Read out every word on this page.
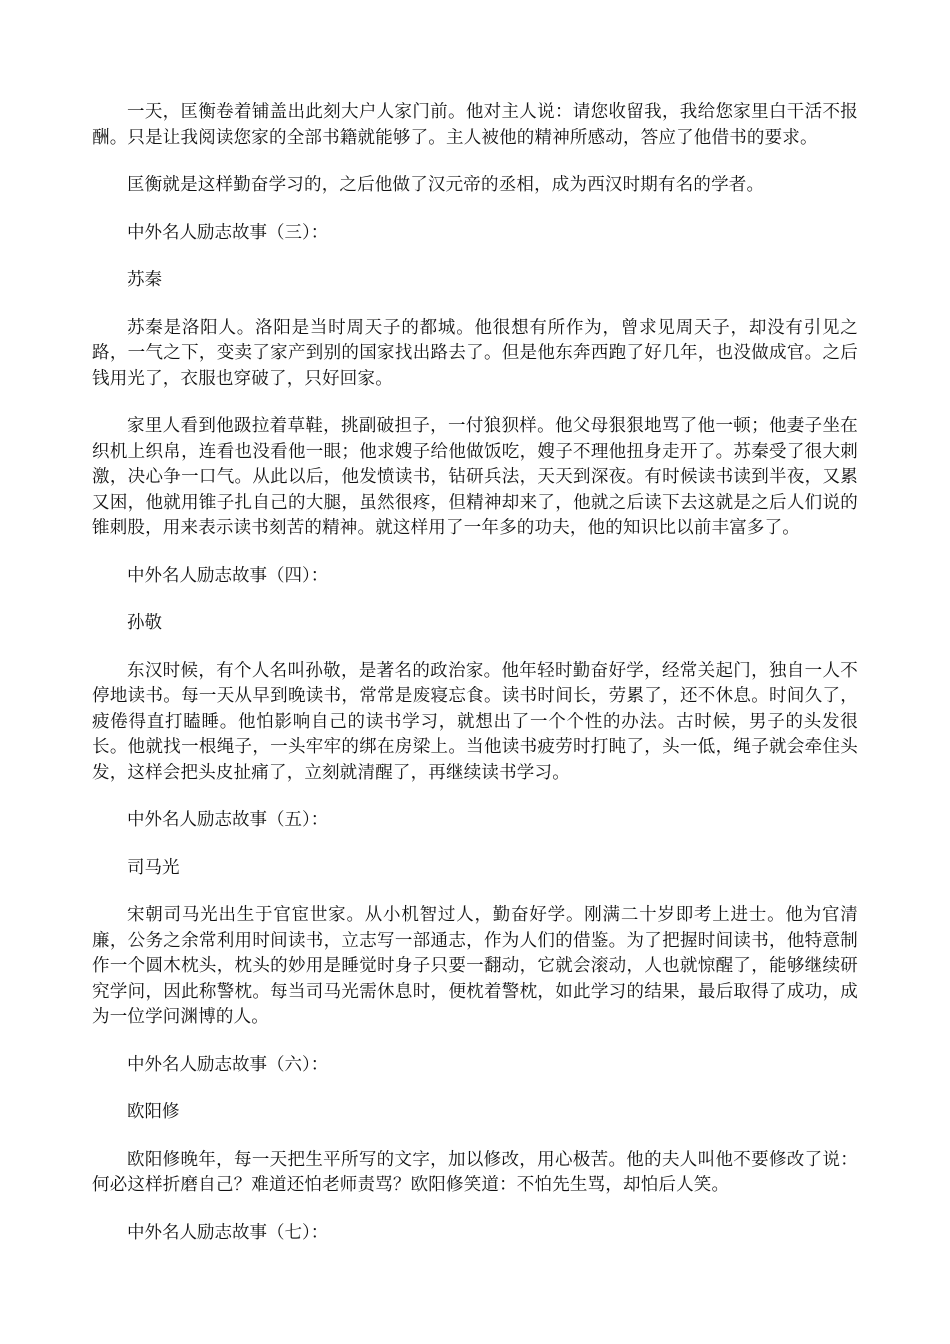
一天，匡衡卷着铺盖出此刻大户人家门前。他对主人说：请您收留我，我给您家里白干活不报酬。只是让我阅读您家的全部书籍就能够了。主人被他的精神所感动，答应了他借书的要求。

匡衡就是这样勤奋学习的，之后他做了汉元帝的丞相，成为西汉时期有名的学者。

中外名人励志故事（三）：

苏秦

苏秦是洛阳人。洛阳是当时周天子的都城。他很想有所作为，曾求见周天子，却没有引见之路，一气之下，变卖了家产到别的国家找出路去了。但是他东奔西跑了好几年，也没做成官。之后钱用光了，衣服也穿破了，只好回家。

家里人看到他趿拉着草鞋，挑副破担子，一付狼狈样。他父母狠狠地骂了他一顿；他妻子坐在织机上织帛，连看也没看他一眼；他求嫂子给他做饭吃，嫂子不理他扭身走开了。苏秦受了很大刺激，决心争一口气。从此以后，他发愤读书，钻研兵法，天天到深夜。有时候读书读到半夜，又累又困，他就用锥子扎自己的大腿，虽然很疼，但精神却来了，他就之后读下去这就是之后人们说的锥刺股，用来表示读书刻苦的精神。就这样用了一年多的功夫，他的知识比以前丰富多了。

中外名人励志故事（四）：

孙敬

东汉时候，有个人名叫孙敬，是著名的政治家。他年轻时勤奋好学，经常关起门，独自一人不停地读书。每一天从早到晚读书，常常是废寝忘食。读书时间长，劳累了，还不休息。时间久了，疲倦得直打瞌睡。他怕影响自己的读书学习，就想出了一个个性的办法。古时候，男子的头发很长。他就找一根绳子，一头牢牢的绑在房梁上。当他读书疲劳时打盹了，头一低，绳子就会牵住头发，这样会把头皮扯痛了，立刻就清醒了，再继续读书学习。

中外名人励志故事（五）：

司马光

宋朝司马光出生于官宦世家。从小机智过人，勤奋好学。刚满二十岁即考上进士。他为官清廉，公务之余常利用时间读书，立志写一部通志，作为人们的借鉴。为了把握时间读书，他特意制作一个圆木枕头，枕头的妙用是睡觉时身子只要一翻动，它就会滚动，人也就惊醒了，能够继续研究学问，因此称警枕。每当司马光需休息时，便枕着警枕，如此学习的结果，最后取得了成功，成为一位学问渊博的人。

中外名人励志故事（六）：

欧阳修

欧阳修晚年，每一天把生平所写的文字，加以修改，用心极苦。他的夫人叫他不要修改了说：何必这样折磨自己？难道还怕老师责骂？欧阳修笑道：不怕先生骂，却怕后人笑。

中外名人励志故事（七）：
